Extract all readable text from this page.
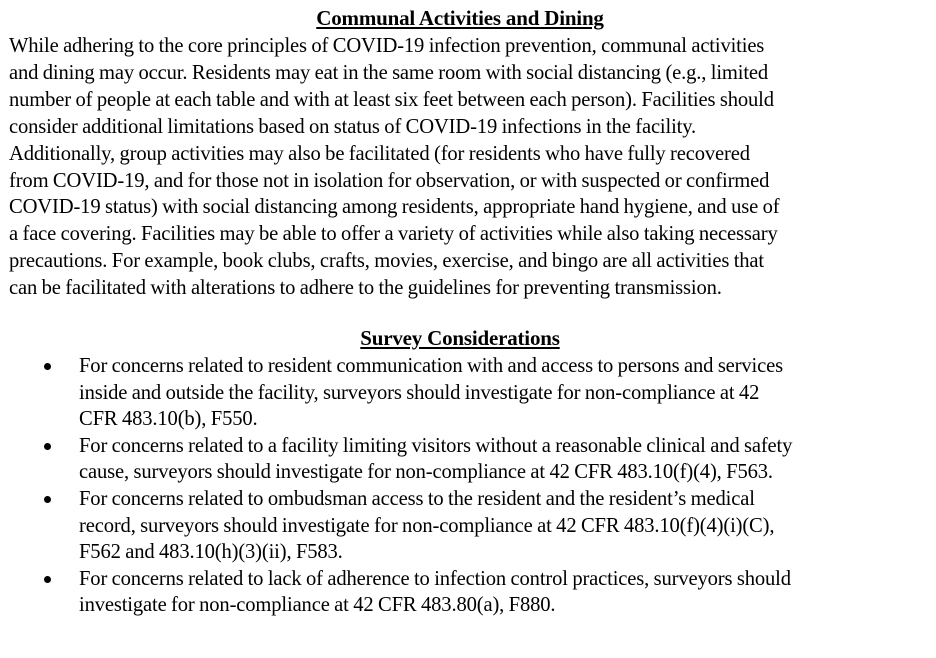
Communal Activities and Dining
While adhering to the core principles of COVID-19 infection prevention, communal activities
and dining may occur. Residents may eat in the same room with social distancing (e.g., limited
number of people at each table and with at least six feet between each person). Facilities should
consider additional limitations based on status of COVID-19 infections in the facility.
Additionally, group activities may also be facilitated (for residents who have fully recovered
from COVID-19, and for those not in isolation for observation, or with suspected or confirmed
COVID-19 status) with social distancing among residents, appropriate hand hygiene, and use of
a face covering. Facilities may be able to offer a variety of activities while also taking necessary
precautions. For example, book clubs, crafts, movies, exercise, and bingo are all activities that
can be facilitated with alterations to adhere to the guidelines for preventing transmission.
Survey Considerations
For concerns related to resident communication with and access to persons and services
inside and outside the facility, surveyors should investigate for non-compliance at 42
CFR 483.10(b), F550.
For concerns related to a facility limiting visitors without a reasonable clinical and safety
cause, surveyors should investigate for non-compliance at 42 CFR 483.10(f)(4), F563.
For concerns related to ombudsman access to the resident and the resident’s medical
record, surveyors should investigate for non-compliance at 42 CFR 483.10(f)(4)(i)(C),
F562 and 483.10(h)(3)(ii), F583.
For concerns related to lack of adherence to infection control practices, surveyors should
investigate for non-compliance at 42 CFR 483.80(a), F880.
